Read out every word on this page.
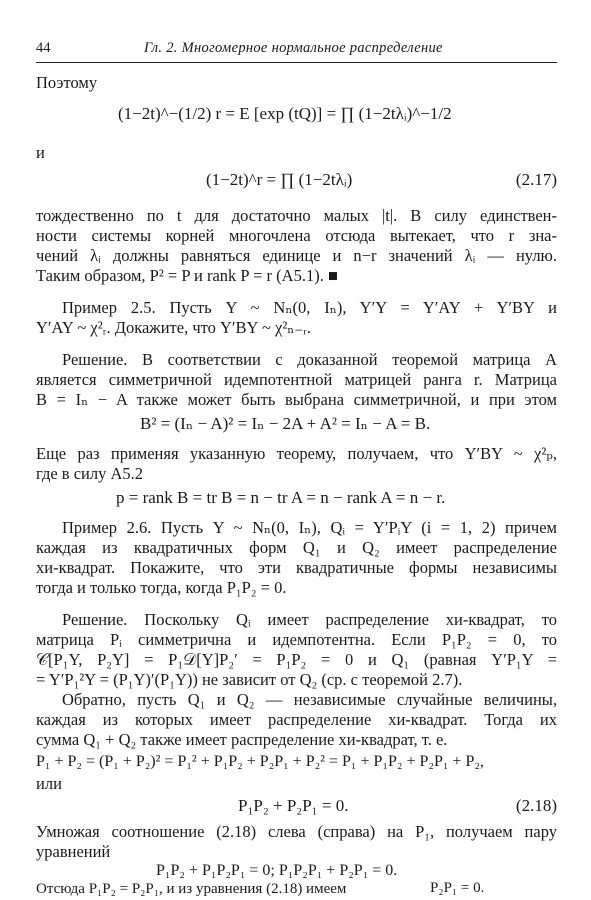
44	Гл. 2. Многомерное нормальное распределение
Поэтому
(1−2t)^−(1/2) r = E [exp (tQ)] = ∏ (1−2tλᵢ)^−1/2
и
(1−2t)^r = ∏ (1−2tλᵢ)	(2.17)
тождественно по t для достаточно малых |t|. В силу единствен-
ности системы корней многочлена отсюда вытекает, что r зна-
чений λᵢ должны равняться единице и n−r значений λᵢ — нулю.
Таким образом, P² = P и rank P = r (A5.1). ■
Пример 2.5. Пусть Y ~ Nₙ(0, Iₙ), Y′Y = Y′AY + Y′BY и
Y′AY ~ χ²ᵣ. Докажите, что Y′BY ~ χ²ₙ₋ᵣ.
Решение. В соответствии с доказанной теоремой матрица A
является симметричной идемпотентной матрицей ранга r. Матрица
B = Iₙ − A также может быть выбрана симметричной, и при этом
B² = (Iₙ − A)² = Iₙ − 2A + A² = Iₙ − A = B.
Еще раз применяя указанную теорему, получаем, что Y′BY ~ χ²ₚ,
где в силу A5.2
p = rank B = tr B = n − tr A = n − rank A = n − r.
Пример 2.6. Пусть Y ~ Nₙ(0, Iₙ), Qᵢ = Y′PᵢY (i = 1, 2) причем
каждая из квадратичных форм Q₁ и Q₂ имеет распределение
хи-квадрат. Покажите, что эти квадратичные формы независимы
тогда и только тогда, когда P₁P₂ = 0.
Решение. Поскольку Qᵢ имеет распределение хи-квадрат, то
матрица Pᵢ симметрична и идемпотентна. Если P₁P₂ = 0, то
𝒞[P₁Y, P₂Y] = P₁𝒟[Y]P₂′ = P₁P₂ = 0 и Q₁ (равная Y′P₁Y =
= Y′P₁²Y = (P₁Y)′(P₁Y)) не зависит от Q₂ (ср. с теоремой 2.7).
Обратно, пусть Q₁ и Q₂ — независимые случайные величины,
каждая из которых имеет распределение хи-квадрат. Тогда их
сумма Q₁ + Q₂ также имеет распределение хи-квадрат, т. е.
P₁ + P₂ = (P₁ + P₂)² = P₁² + P₁P₂ + P₂P₁ + P₂² = P₁ + P₁P₂ + P₂P₁ + P₂,
или
P₁P₂ + P₂P₁ = 0.	(2.18)
Умножая соотношение (2.18) слева (справа) на P₁, получаем пару
уравнений
P₁P₂ + P₁P₂P₁ = 0; P₁P₂P₁ + P₂P₁ = 0.
Отсюда P₁P₂ = P₂P₁, и из уравнения (2.18) имеем	P₂P₁ = 0.
